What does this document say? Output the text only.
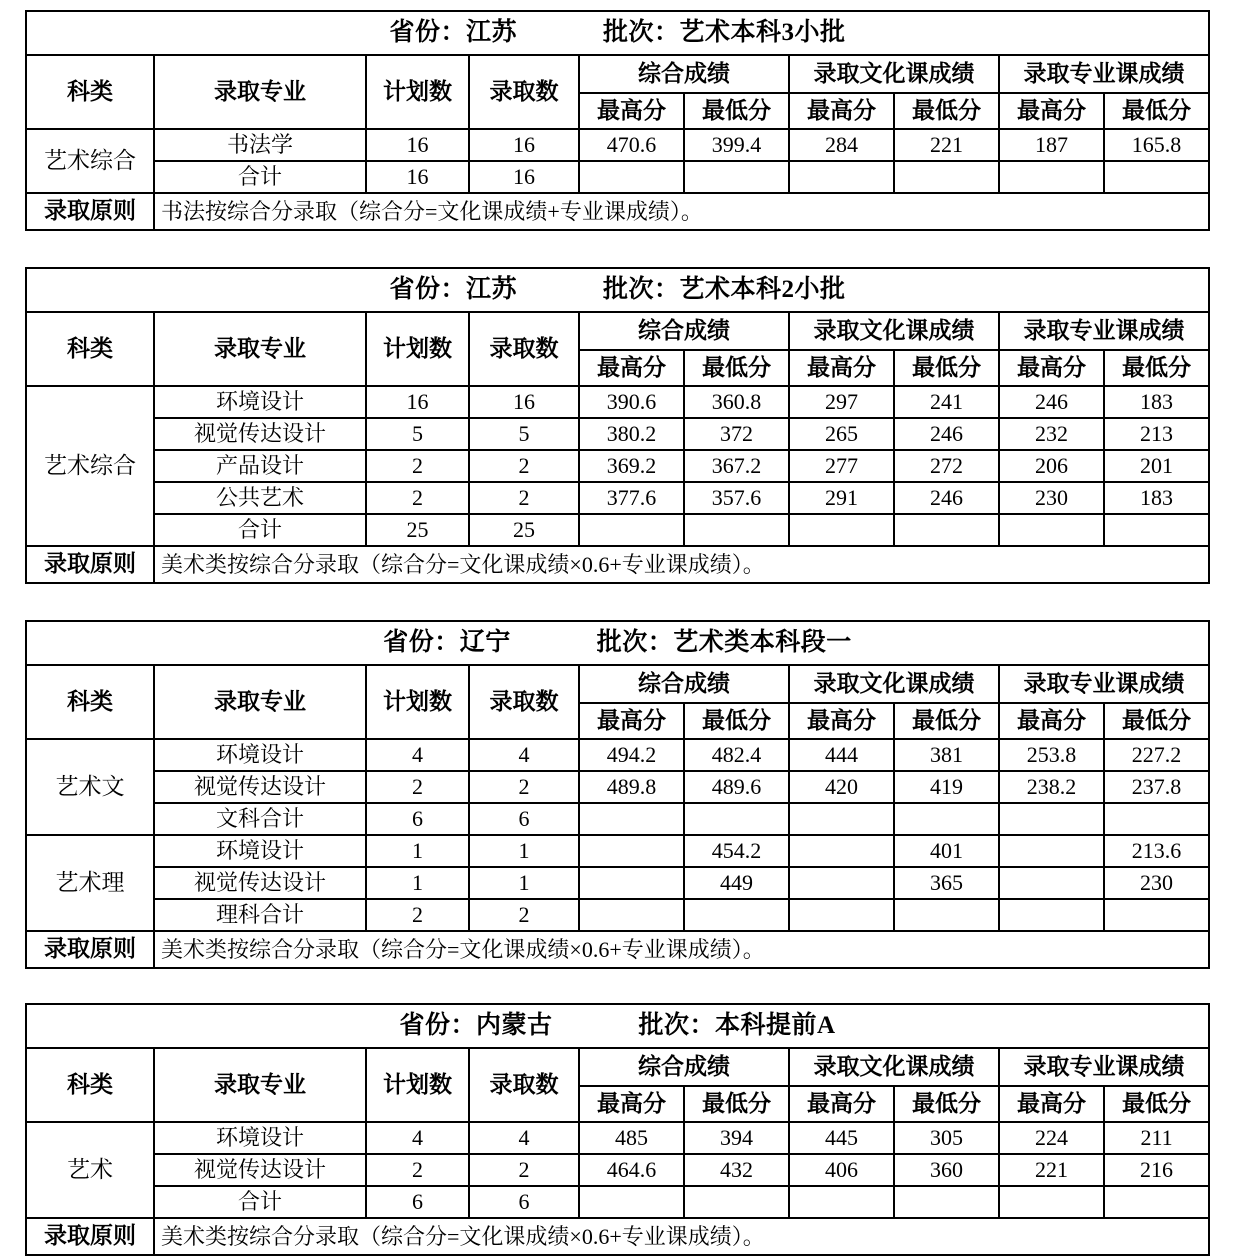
省份：江苏 批次：艺术本科3小批									

科类	录取专业	计划数	录取数	综合成绩		录取文化课成绩		录取专业课成绩	
				最高分	最低分	最高分	最低分	最高分	最低分
艺术综合	书法学	16	16	470.6	399.4	284	221	187	165.8
	合计	16	16						
录取原则	书法按综合分录取（综合分=文化课成绩+专业课成绩）。								
省份：江苏 批次：艺术本科2小批									

科类	录取专业	计划数	录取数	综合成绩		录取文化课成绩		录取专业课成绩	
				最高分	最低分	最高分	最低分	最高分	最低分
艺术综合	环境设计	16	16	390.6	360.8	297	241	246	183
	视觉传达设计	5	5	380.2	372	265	246	232	213
	产品设计	2	2	369.2	367.2	277	272	206	201
	公共艺术	2	2	377.6	357.6	291	246	230	183
	合计	25	25						
录取原则	美术类按综合分录取（综合分=文化课成绩×0.6+专业课成绩）。								
省份：辽宁 批次：艺术类本科段一									

科类	录取专业	计划数	录取数	综合成绩		录取文化课成绩		录取专业课成绩	
				最高分	最低分	最高分	最低分	最高分	最低分
艺术文	环境设计	4	4	494.2	482.4	444	381	253.8	227.2
	视觉传达设计	2	2	489.8	489.6	420	419	238.2	237.8
	文科合计	6	6						
艺术理	环境设计	1	1		454.2		401		213.6
	视觉传达设计	1	1		449		365		230
	理科合计	2	2						
录取原则	美术类按综合分录取（综合分=文化课成绩×0.6+专业课成绩）。								
省份：内蒙古 批次：本科提前A									

科类	录取专业	计划数	录取数	综合成绩		录取文化课成绩		录取专业课成绩	
				最高分	最低分	最高分	最低分	最高分	最低分
艺术	环境设计	4	4	485	394	445	305	224	211
	视觉传达设计	2	2	464.6	432	406	360	221	216
	合计	6	6						
录取原则	美术类按综合分录取（综合分=文化课成绩×0.6+专业课成绩）。								
